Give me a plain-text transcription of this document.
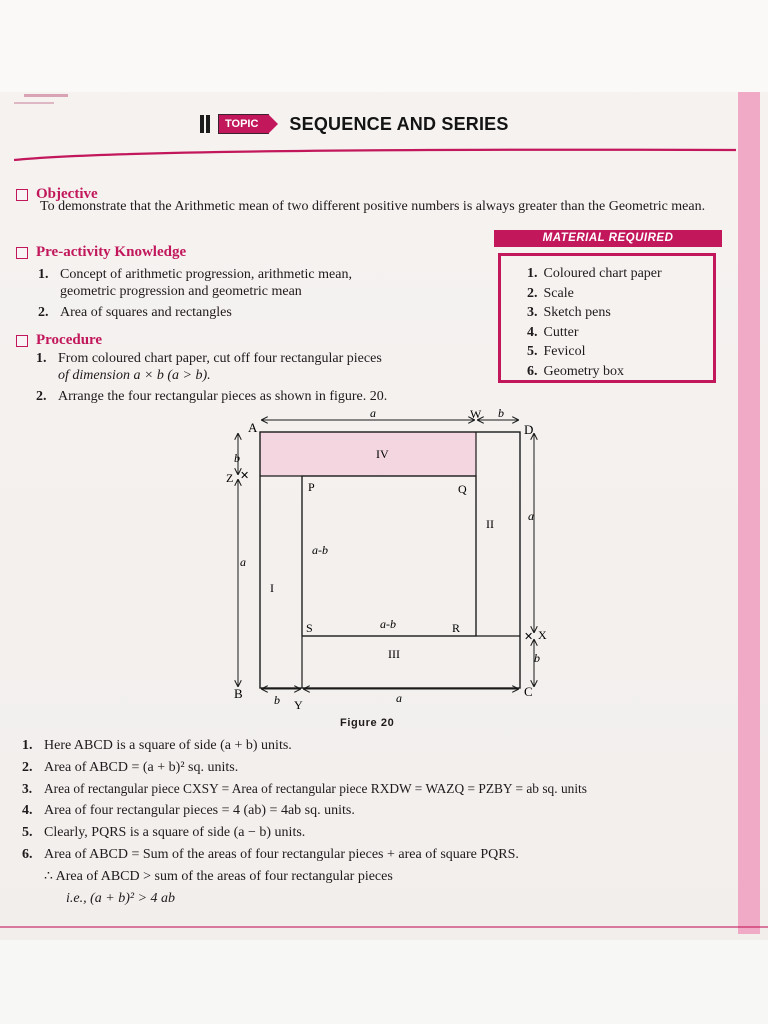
TOPIC	SEQUENCE AND SERIES
Objective
To demonstrate that the Arithmetic mean of two different positive numbers is always greater than the Geometric mean.
Pre-activity Knowledge
1. Concept of arithmetic progression, arithmetic mean,
geometric progression and geometric mean
2. Area of squares and rectangles
MATERIAL REQUIRED
1. Coloured chart paper
2. Scale
3. Sketch pens
4. Cutter
5. Fevicol
6. Geometry box
Procedure
1. From coloured chart paper, cut off four rectangular pieces
of dimension a × b (a > b).
2. Arrange the four rectangular pieces as shown in figure. 20.
A	D
B	C
P	Q
R
S
W
X
Y
Z ✕
✕
IV
II
III
I
a	b
b
a
a
b
b	a
a-b
a-b
Figure 20
1. Here ABCD is a square of side (a + b) units.
2. Area of ABCD = (a + b)² sq. units.
3. Area of rectangular piece CXSY = Area of rectangular piece RXDW = WAZQ = PZBY = ab sq. units
4. Area of four rectangular pieces = 4 (ab) = 4ab sq. units.
5. Clearly, PQRS is a square of side (a − b) units.
6. Area of ABCD = Sum of the areas of four rectangular pieces + area of square PQRS.
∴ Area of ABCD > sum of the areas of four rectangular pieces
i.e., (a + b)² > 4 ab
